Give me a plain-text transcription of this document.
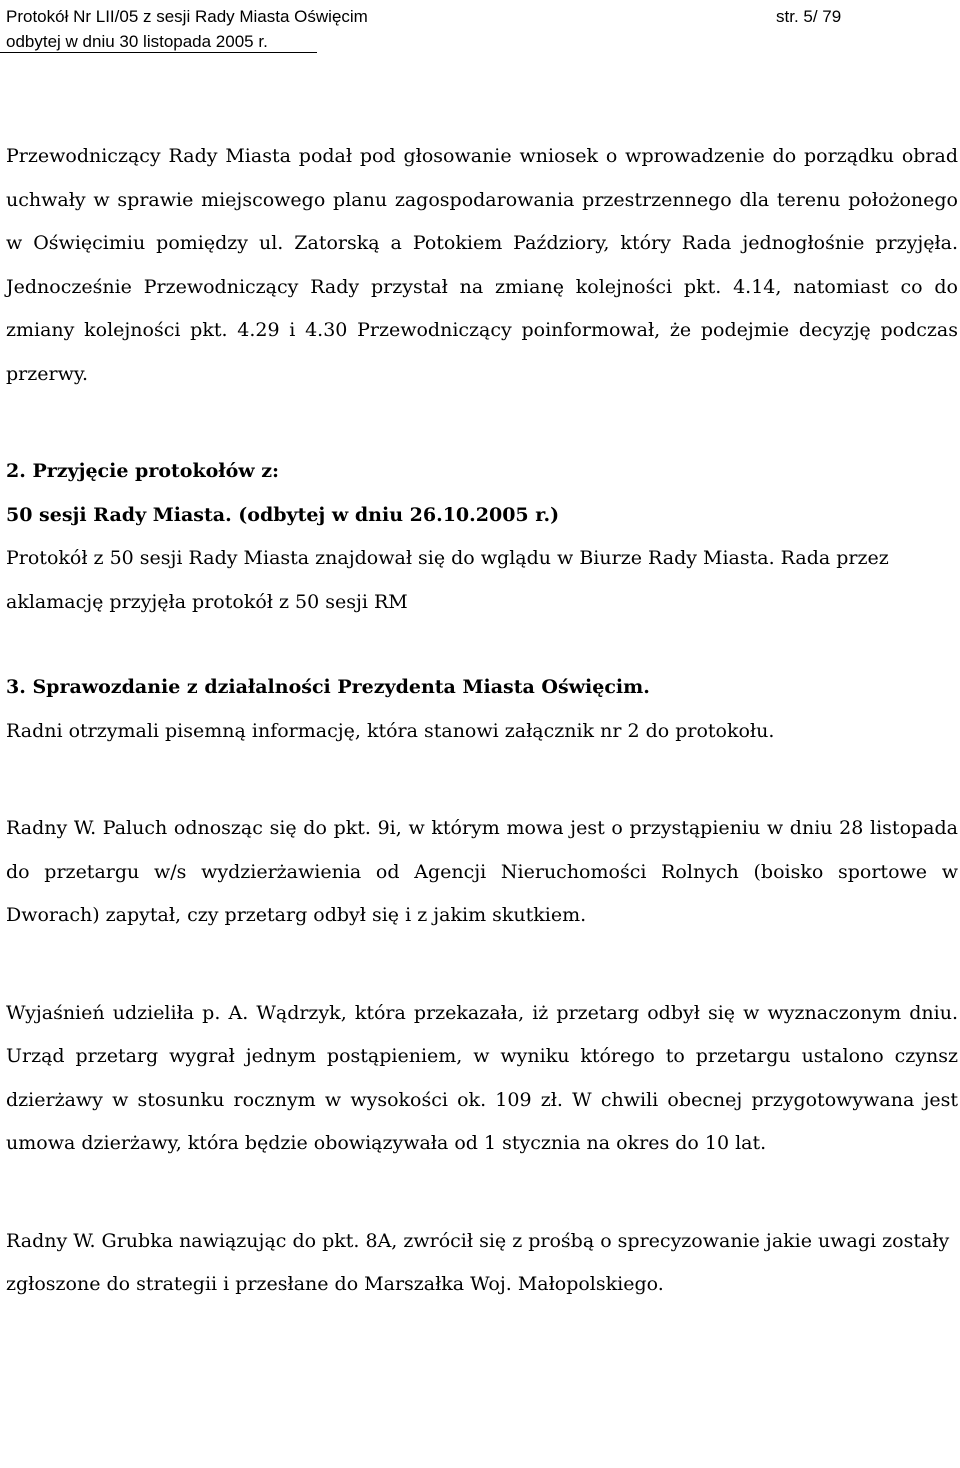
Protokół Nr LII/05 z sesji Rady Miasta Oświęcim	str. 5/ 79
odbytej w dniu 30 listopada 2005 r.

Przewodniczący Rady Miasta podał pod głosowanie wniosek o wprowadzenie do porządku obrad uchwały w sprawie miejscowego planu zagospodarowania przestrzennego dla terenu położonego w Oświęcimiu pomiędzy ul. Zatorską a Potokiem Paździory, który Rada jednogłośnie przyjęła. Jednocześnie Przewodniczący Rady przystał na zmianę kolejności pkt. 4.14, natomiast co do zmiany kolejności pkt. 4.29 i 4.30 Przewodniczący poinformował, że podejmie decyzję podczas przerwy.

2. Przyjęcie protokołów z:

50 sesji Rady Miasta. (odbytej w dniu 26.10.2005 r.)

Protokół z 50 sesji Rady Miasta znajdował się do wglądu w Biurze Rady Miasta. Rada przez aklamację przyjęła protokół z 50 sesji RM

3. Sprawozdanie z działalności Prezydenta Miasta Oświęcim.

Radni otrzymali pisemną informację, która stanowi załącznik nr 2 do protokołu.

Radny W. Paluch odnosząc się do pkt. 9i, w którym mowa jest o przystąpieniu w dniu 28 listopada do przetargu w/s wydzierżawienia od Agencji Nieruchomości Rolnych (boisko sportowe w Dworach) zapytał, czy przetarg odbył się i z jakim skutkiem.

Wyjaśnień udzieliła p. A. Wądrzyk, która przekazała, iż przetarg odbył się w wyznaczonym dniu. Urząd przetarg wygrał jednym postąpieniem, w wyniku którego to przetargu ustalono czynsz dzierżawy w stosunku rocznym w wysokości ok. 109 zł. W chwili obecnej przygotowywana jest umowa dzierżawy, która będzie obowiązywała od 1 stycznia na okres do 10 lat.

Radny W. Grubka nawiązując do pkt. 8A, zwrócił się z prośbą o sprecyzowanie jakie uwagi zostały zgłoszone do strategii i przesłane do Marszałka Woj. Małopolskiego.
